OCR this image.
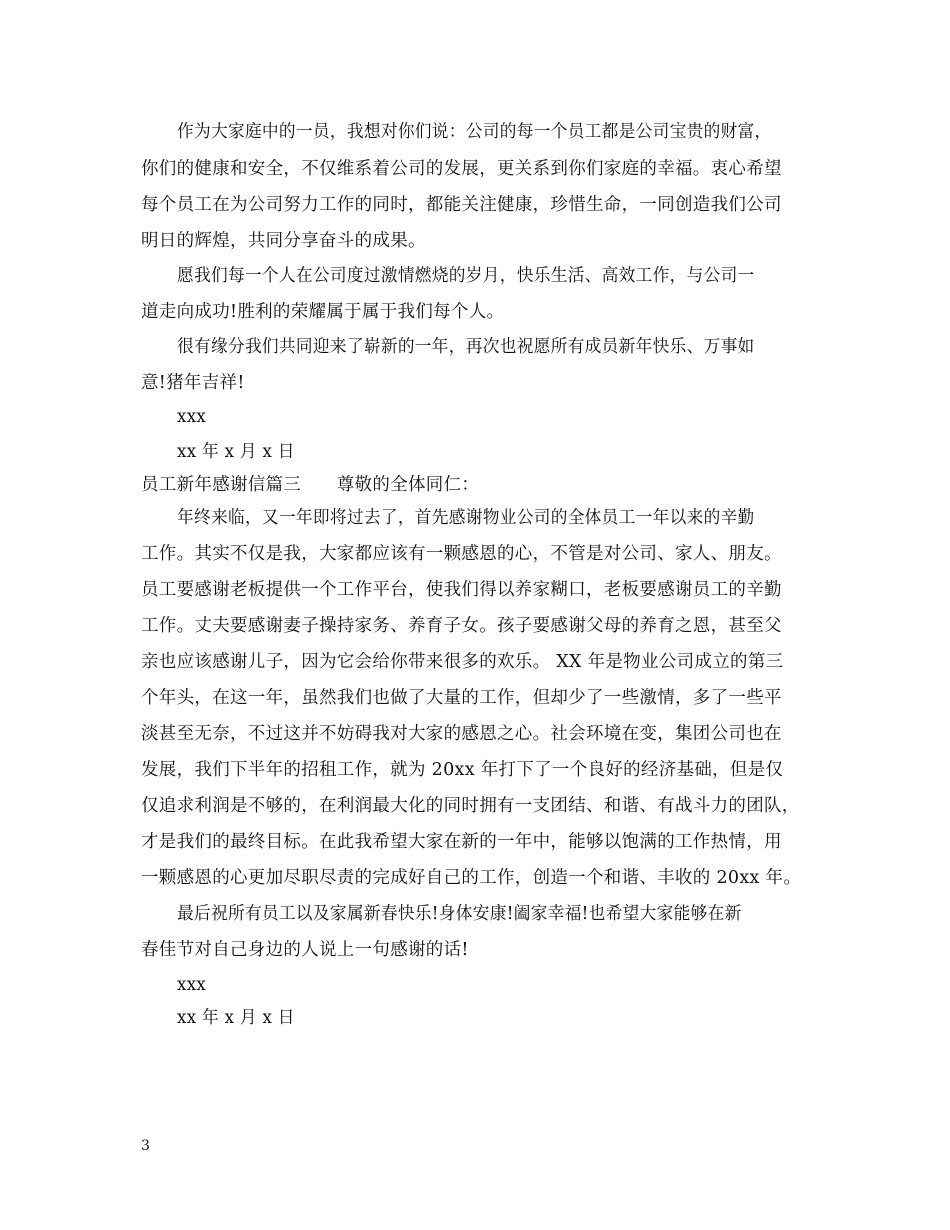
作为大家庭中的一员，我想对你们说：公司的每一个员工都是公司宝贵的财富，
你们的健康和安全，不仅维系着公司的发展，更关系到你们家庭的幸福。衷心希望
每个员工在为公司努力工作的同时，都能关注健康，珍惜生命，一同创造我们公司
明日的辉煌，共同分享奋斗的成果。
愿我们每一个人在公司度过激情燃烧的岁月，快乐生活、高效工作，与公司一
道走向成功!胜利的荣耀属于属于我们每个人。
很有缘分我们共同迎来了崭新的一年，再次也祝愿所有成员新年快乐、万事如
意!猪年吉祥!
xxx
xx 年 x 月 x 日
员工新年感谢信篇三　　尊敬的全体同仁：
年终来临，又一年即将过去了，首先感谢物业公司的全体员工一年以来的辛勤
工作。其实不仅是我，大家都应该有一颗感恩的心，不管是对公司、家人、朋友。
员工要感谢老板提供一个工作平台，使我们得以养家糊口，老板要感谢员工的辛勤
工作。丈夫要感谢妻子操持家务、养育子女。孩子要感谢父母的养育之恩，甚至父
亲也应该感谢儿子，因为它会给你带来很多的欢乐。 XX 年是物业公司成立的第三
个年头，在这一年，虽然我们也做了大量的工作，但却少了一些激情，多了一些平
淡甚至无奈，不过这并不妨碍我对大家的感恩之心。社会环境在变，集团公司也在
发展，我们下半年的招租工作，就为 20xx 年打下了一个良好的经济基础，但是仅
仅追求利润是不够的，在利润最大化的同时拥有一支团结、和谐、有战斗力的团队，
才是我们的最终目标。在此我希望大家在新的一年中，能够以饱满的工作热情，用
一颗感恩的心更加尽职尽责的完成好自己的工作，创造一个和谐、丰收的 20xx 年。
最后祝所有员工以及家属新春快乐!身体安康!阖家幸福!也希望大家能够在新
春佳节对自己身边的人说上一句感谢的话!
xxx
xx 年 x 月 x 日
3
